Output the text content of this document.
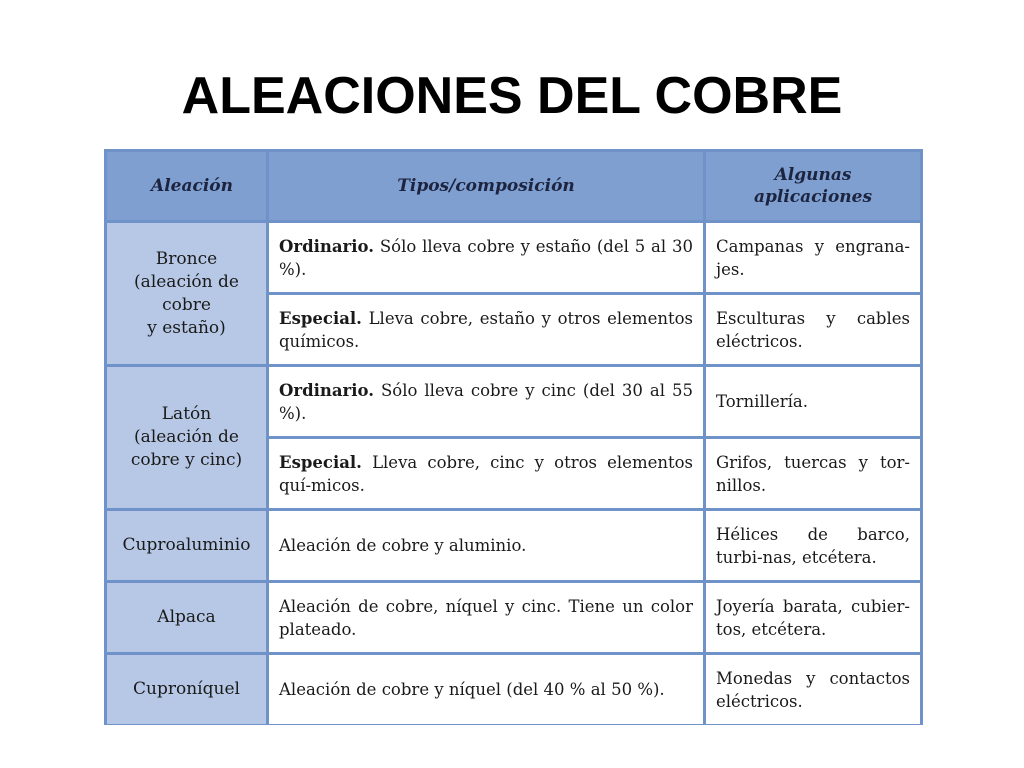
ALEACIONES DEL COBRE
Aleación	Tipos/composición	Algunas
aplicaciones
Bronce
(aleación de
cobre
y estaño)	Ordinario. Sólo lleva cobre y estaño (del 5 al 30 %).	Campanas y engrana-jes.
	Especial. Lleva cobre, estaño y otros elementos químicos.	Esculturas y cables eléctricos.
Latón
(aleación de
cobre y cinc)	Ordinario. Sólo lleva cobre y cinc (del 30 al 55 %).	Tornillería.
	Especial. Lleva cobre, cinc y otros elementos quí-micos.	Grifos, tuercas y tor-nillos.
Cuproaluminio	Aleación de cobre y aluminio.	Hélices de barco, turbi-nas, etcétera.
Alpaca	Aleación de cobre, níquel y cinc. Tiene un color plateado.	Joyería barata, cubier-tos, etcétera.
Cuproníquel	Aleación de cobre y níquel (del 40 % al 50 %).	Monedas y contactos eléctricos.
